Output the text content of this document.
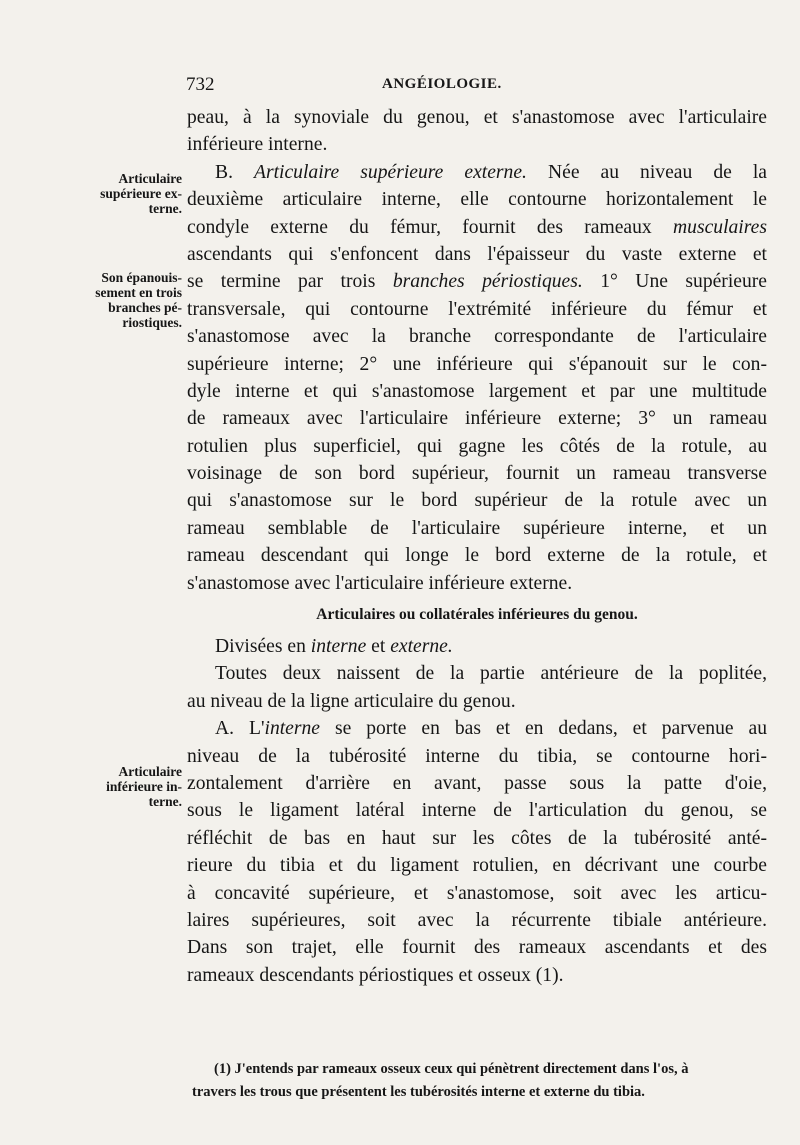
732	ANGÉIOLOGIE.
Articulaire
supérieure ex-
terne.
Son épanouis-
sement en trois
branches pé-
riostiques.
Articulaire
inférieure in-
terne.
peau, à la synoviale du genou, et s'anastomose avec l'articulaire
inférieure interne.
B. Articulaire supérieure externe. Née au niveau de la
deuxième articulaire interne, elle contourne horizontalement le
condyle externe du fémur, fournit des rameaux musculaires
ascendants qui s'enfoncent dans l'épaisseur du vaste externe et
se termine par trois branches périostiques. 1° Une supérieure
transversale, qui contourne l'extrémité inférieure du fémur et
s'anastomose avec la branche correspondante de l'articulaire
supérieure interne; 2° une inférieure qui s'épanouit sur le con-
dyle interne et qui s'anastomose largement et par une multitude
de rameaux avec l'articulaire inférieure externe; 3° un rameau
rotulien plus superficiel, qui gagne les côtés de la rotule, au
voisinage de son bord supérieur, fournit un rameau transverse
qui s'anastomose sur le bord supérieur de la rotule avec un
rameau semblable de l'articulaire supérieure interne, et un
rameau descendant qui longe le bord externe de la rotule, et
s'anastomose avec l'articulaire inférieure externe.
Articulaires ou collatérales inférieures du genou.
Divisées en interne et externe.
Toutes deux naissent de la partie antérieure de la poplitée,
au niveau de la ligne articulaire du genou.
A. L'interne se porte en bas et en dedans, et parvenue au
niveau de la tubérosité interne du tibia, se contourne hori-
zontalement d'arrière en avant, passe sous la patte d'oie,
sous le ligament latéral interne de l'articulation du genou, se
réfléchit de bas en haut sur les côtes de la tubérosité anté-
rieure du tibia et du ligament rotulien, en décrivant une courbe
à concavité supérieure, et s'anastomose, soit avec les articu-
laires supérieures, soit avec la récurrente tibiale antérieure.
Dans son trajet, elle fournit des rameaux ascendants et des
rameaux descendants périostiques et osseux (1).
(1) J'entends par rameaux osseux ceux qui pénètrent directement dans l'os, à
travers les trous que présentent les tubérosités interne et externe du tibia.
